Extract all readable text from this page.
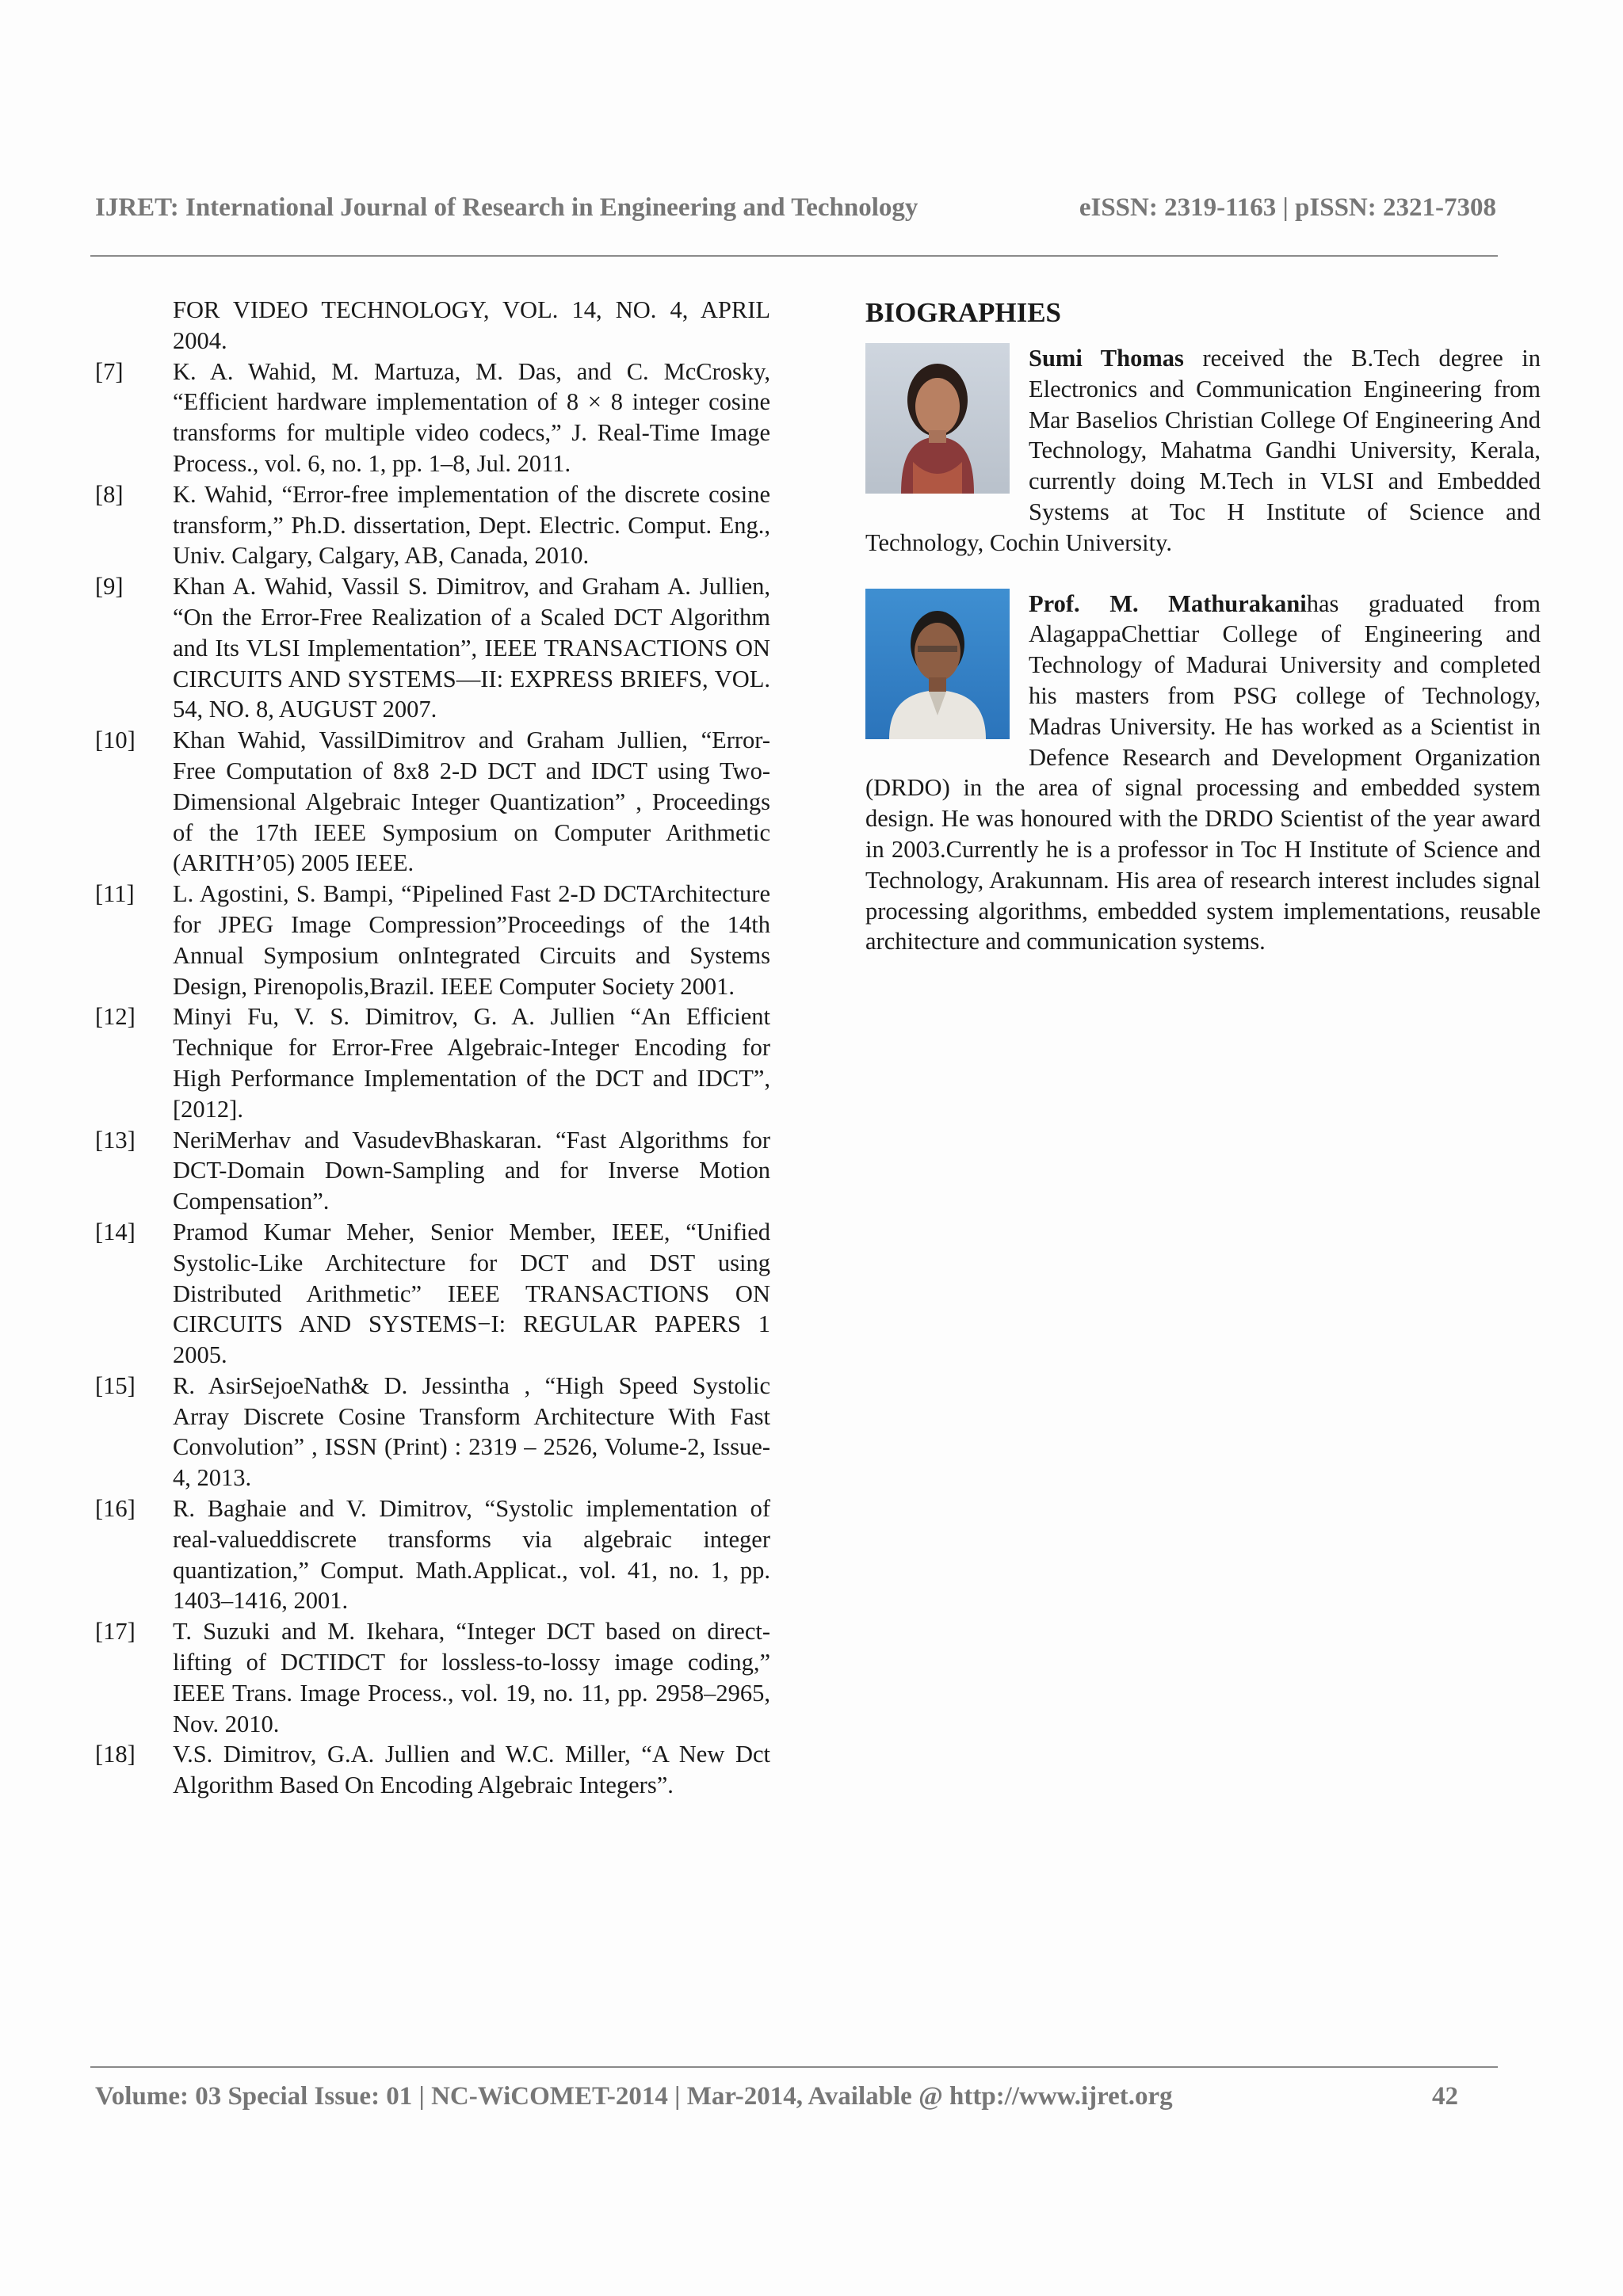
IJRET: International Journal of Research in Engineering and Technology	eISSN: 2319-1163 | pISSN: 2321-7308
FOR VIDEO TECHNOLOGY, VOL. 14, NO. 4, APRIL 2004.
[7]	K. A. Wahid, M. Martuza, M. Das, and C. McCrosky, “Efficient hardware implementation of 8 × 8 integer cosine transforms for multiple video codecs,” J. Real-Time Image Process., vol. 6, no. 1, pp. 1–8, Jul. 2011.
[8]	K. Wahid, “Error-free implementation of the discrete cosine transform,” Ph.D. dissertation, Dept. Electric. Comput. Eng., Univ. Calgary, Calgary, AB, Canada, 2010.
[9]	Khan A. Wahid, Vassil S. Dimitrov, and Graham A. Jullien, “On the Error-Free Realization of a Scaled DCT Algorithm and Its VLSI Implementation”, IEEE TRANSACTIONS ON CIRCUITS AND SYSTEMS—II: EXPRESS BRIEFS, VOL. 54, NO. 8, AUGUST 2007.
[10]	Khan Wahid, VassilDimitrov and Graham Jullien, “Error-Free Computation of 8x8 2-D DCT and IDCT using Two-Dimensional Algebraic Integer Quantization” , Proceedings of the 17th IEEE Symposium on Computer Arithmetic (ARITH’05) 2005 IEEE.
[11]	L. Agostini, S. Bampi, “Pipelined Fast 2-D DCTArchitecture for JPEG Image Compression”Proceedings of the 14th Annual Symposium onIntegrated Circuits and Systems Design, Pirenopolis,Brazil. IEEE Computer Society 2001.
[12]	Minyi Fu, V. S. Dimitrov, G. A. Jullien “An Efficient Technique for Error-Free Algebraic-Integer Encoding for High Performance Implementation of the DCT and IDCT”,[2012].
[13]	NeriMerhav and VasudevBhaskaran. “Fast Algorithms for DCT-Domain Down-Sampling and for Inverse Motion Compensation”.
[14]	Pramod Kumar Meher, Senior Member, IEEE, “Unified Systolic-Like Architecture for DCT and DST using Distributed Arithmetic” IEEE TRANSACTIONS ON CIRCUITS AND SYSTEMS−I: REGULAR PAPERS 1 2005.
[15]	R. AsirSejoeNath& D. Jessintha , “High Speed Systolic Array Discrete Cosine Transform Architecture With Fast Convolution” , ISSN (Print) : 2319 – 2526, Volume-2, Issue-4, 2013.
[16]	R. Baghaie and V. Dimitrov, “Systolic implementation of real-valueddiscrete transforms via algebraic integer quantization,” Comput. Math.Applicat., vol. 41, no. 1, pp. 1403–1416, 2001.
[17]	T. Suzuki and M. Ikehara, “Integer DCT based on direct-lifting of DCTIDCT for lossless-to-lossy image coding,” IEEE Trans. Image Process., vol. 19, no. 11, pp. 2958–2965, Nov. 2010.
[18]	V.S. Dimitrov, G.A. Jullien and W.C. Miller, “A New Dct Algorithm Based On Encoding Algebraic Integers”.
BIOGRAPHIES
Sumi Thomas received the B.Tech degree in Electronics and Communication Engineering from Mar Baselios Christian College Of Engineering And Technology, Mahatma Gandhi University, Kerala, currently doing M.Tech in VLSI and Embedded Systems at Toc H Institute of Science and Technology, Cochin University.
Prof. M. Mathurakanihas graduated from AlagappaChettiar College of Engineering and Technology of Madurai University and completed his masters from PSG college of Technology, Madras University. He has worked as a Scientist in Defence Research and Development Organization (DRDO) in the area of signal processing and embedded system design. He was honoured with the DRDO Scientist of the year award in 2003.Currently he is a professor in Toc H Institute of Science and Technology, Arakunnam. His area of research interest includes signal processing algorithms, embedded system implementations, reusable architecture and communication systems.
Volume: 03 Special Issue: 01 | NC-WiCOMET-2014 | Mar-2014, Available @ http://www.ijret.org	42
